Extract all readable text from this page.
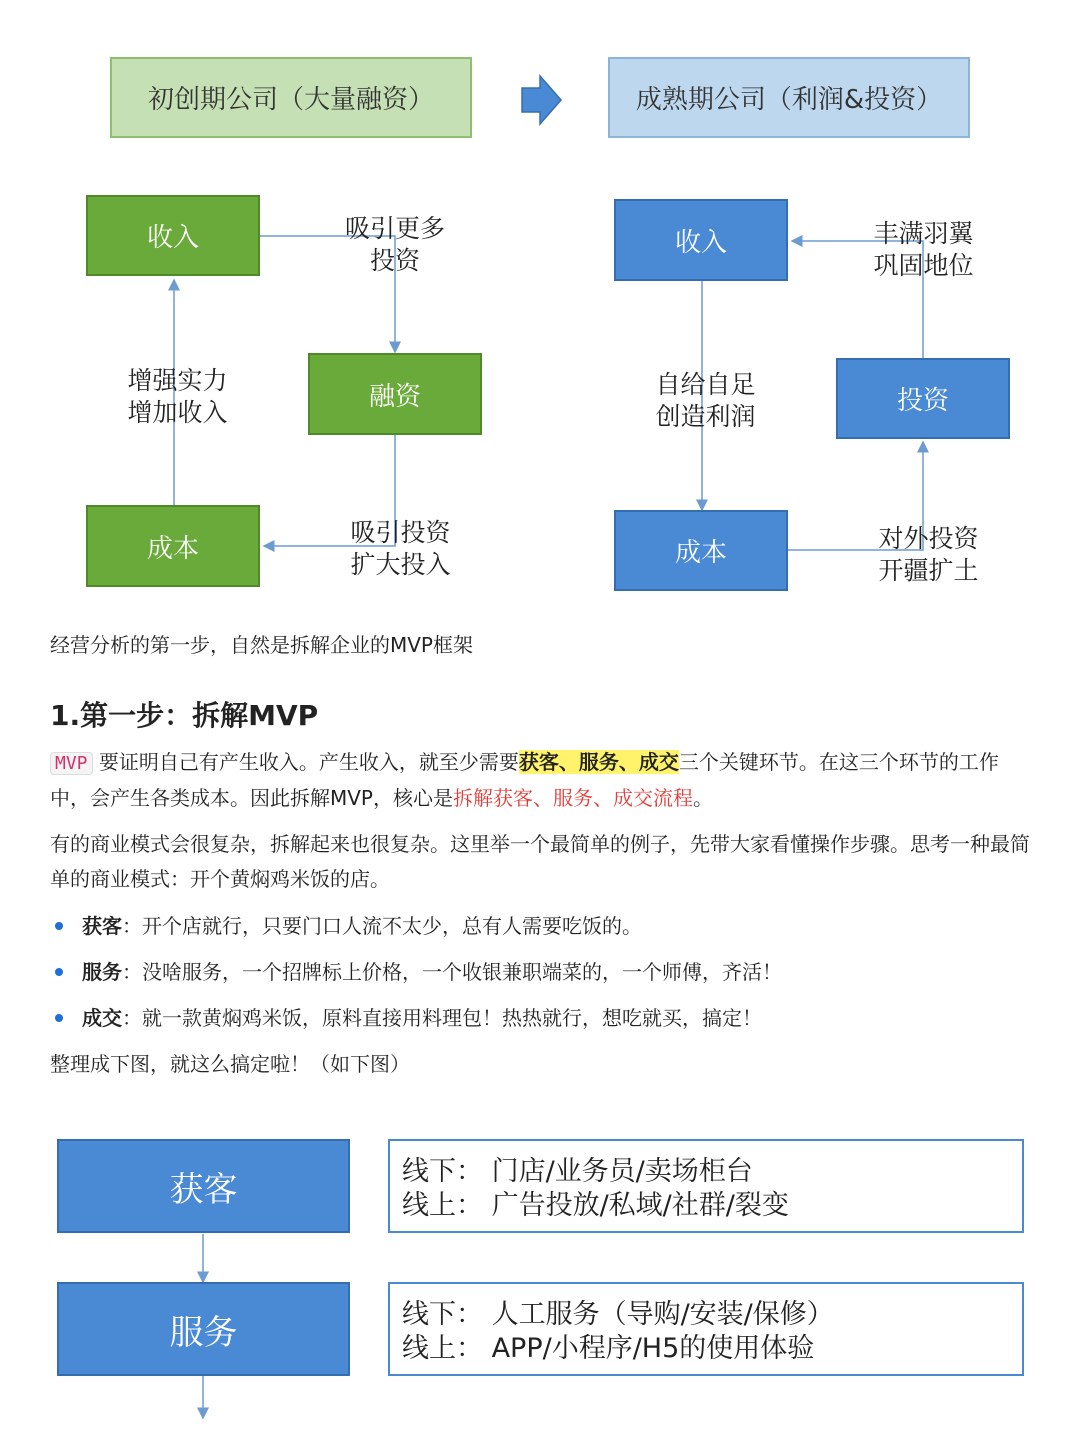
初创期公司（大量融资）	成熟期公司（利润&投资）
收入
融资
成本
吸引更多
投资
增强实力
增加收入
吸引投资
扩大投入
收入
投资
成本
丰满羽翼
巩固地位
自给自足
创造利润
对外投资
开疆扩土
经营分析的第一步，自然是拆解企业的MVP框架
1.第一步：拆解MVP
MVP 要证明自己有产生收入。产生收入，就至少需要获客、服务、成交三个关键环节。在这三个环节的工作中，会产生各类成本。因此拆解MVP，核心是拆解获客、服务、成交流程。
有的商业模式会很复杂，拆解起来也很复杂。这里举一个最简单的例子，先带大家看懂操作步骤。思考一种最简单的商业模式：开个黄焖鸡米饭的店。
获客：开个店就行，只要门口人流不太少，总有人需要吃饭的。
服务：没啥服务，一个招牌标上价格，一个收银兼职端菜的，一个师傅，齐活！
成交：就一款黄焖鸡米饭，原料直接用料理包！热热就行，想吃就买，搞定！
整理成下图，就这么搞定啦！（如下图）
获客	线下： 门店/业务员/卖场柜台
线上： 广告投放/私域/社群/裂变
服务	线下： 人工服务（导购/安装/保修）
线上： APP/小程序/H5的使用体验
